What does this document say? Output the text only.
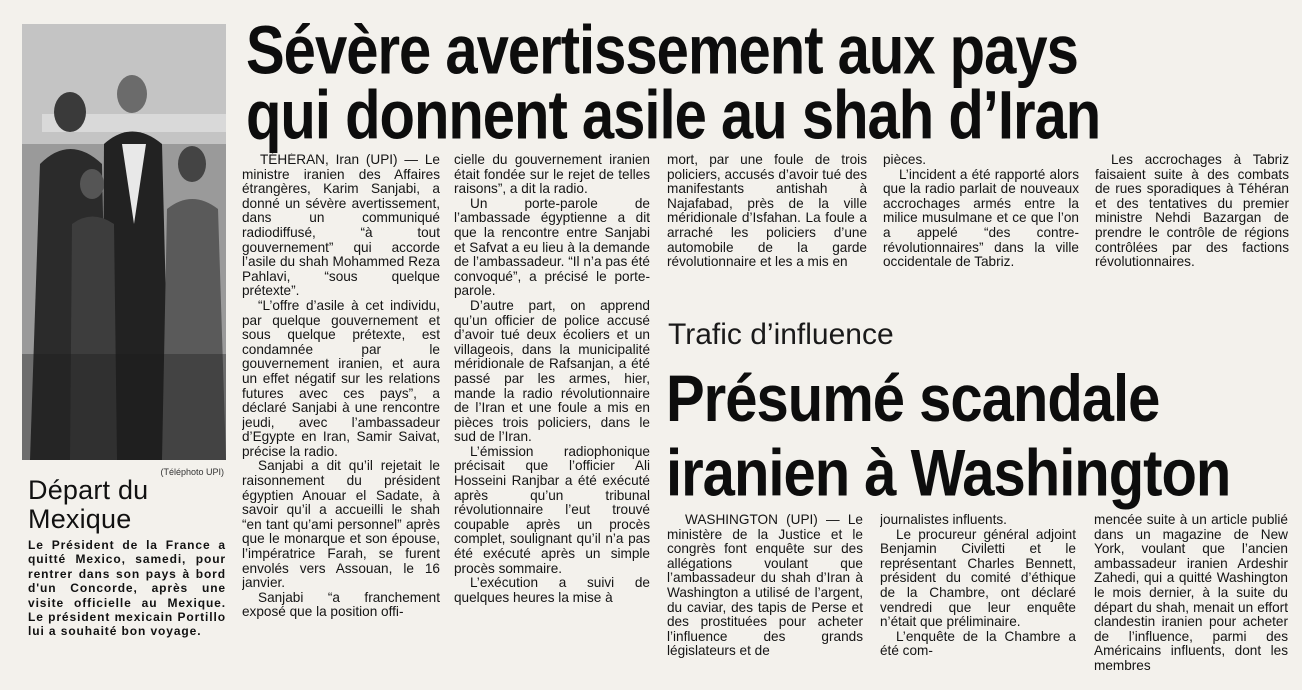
(Téléphoto UPI)
Départ du Mexique
Le Président de la France a quitté Mexico, samedi, pour rentrer dans son pays à bord d'un Concorde, après une visite officielle au Mexique. Le président mexicain Portillo lui a souhaité bon voyage.
Sévère avertissement aux pays
qui donnent asile au shah d’Iran

TÉHÉRAN, Iran (UPI) — Le ministre iranien des Affaires étrangères, Karim Sanjabi, a donné un sévère avertissement, dans un communiqué radiodiffusé, “à tout gouvernement” qui accorde l’asile du shah Mohammed Reza Pahlavi, “sous quelque prétexte”.

“L’offre d’asile à cet individu, par quelque gouvernement et sous quelque prétexte, est condamnée par le gouvernement iranien, et aura un effet négatif sur les relations futures avec ces pays”, a déclaré Sanjabi à une rencontre jeudi, avec l’ambassadeur d’Egypte en Iran, Samir Saivat, précise la radio.

Sanjabi a dit qu’il rejetait le raisonnement du président égyptien Anouar el Sadate, à savoir qu’il a accueilli le shah “en tant qu’ami personnel” après que le monarque et son épouse, l’impératrice Farah, se furent envolés vers Assouan, le 16 janvier.

Sanjabi “a franchement exposé que la position offi-

cielle du gouvernement iranien était fondée sur le rejet de telles raisons”, a dit la radio.

Un porte-parole de l’ambassade égyptienne a dit que la rencontre entre Sanjabi et Safvat a eu lieu à la demande de l’ambassadeur. “Il n’a pas été convoqué”, a précisé le porte-parole.

D’autre part, on apprend qu’un officier de police accusé d’avoir tué deux écoliers et un villageois, dans la municipalité méridionale de Rafsanjan, a été passé par les armes, hier, mande la radio révolutionnaire de l’Iran et une foule a mis en pièces trois policiers, dans le sud de l’Iran.

L’émission radiophonique précisait que l’officier Ali Hosseini Ranjbar a été exécuté après qu’un tribunal révolutionnaire l’eut trouvé coupable après un procès complet, soulignant qu’il n’a pas été exécuté après un simple procès sommaire.

L’exécution a suivi de quelques heures la mise à

mort, par une foule de trois policiers, accusés d’avoir tué des manifestants antishah à Najafabad, près de la ville méridionale d’Isfahan. La foule a arraché les policiers d’une automobile de la garde révolutionnaire et les a mis en

pièces.

L’incident a été rapporté alors que la radio parlait de nouveaux accrochages armés entre la milice musulmane et ce que l’on a appelé “des contre-révolutionnaires” dans la ville occidentale de Tabriz.

Les accrochages à Tabriz faisaient suite à des combats de rues sporadiques à Téhéran et des tentatives du premier ministre Nehdi Bazargan de prendre le contrôle de régions contrôlées par des factions révolutionnaires.

Trafic d’influence
Présumé scandale
iranien à Washington

WASHINGTON (UPI) — Le ministère de la Justice et le congrès font enquête sur des allégations voulant que l’ambassadeur du shah d’Iran à Washington a utilisé de l’argent, du caviar, des tapis de Perse et des prostituées pour acheter l’influence des grands législateurs et de

journalistes influents.

Le procureur général adjoint Benjamin Civiletti et le représentant Charles Bennett, président du comité d’éthique de la Chambre, ont déclaré vendredi que leur enquête n’était que préliminaire.

L’enquête de la Chambre a été com-

mencée suite à un article publié dans un magazine de New York, voulant que l’ancien ambassadeur iranien Ardeshir Zahedi, qui a quitté Washington le mois dernier, à la suite du départ du shah, menait un effort clandestin iranien pour acheter de l’influence, parmi des Américains influents, dont les membres
